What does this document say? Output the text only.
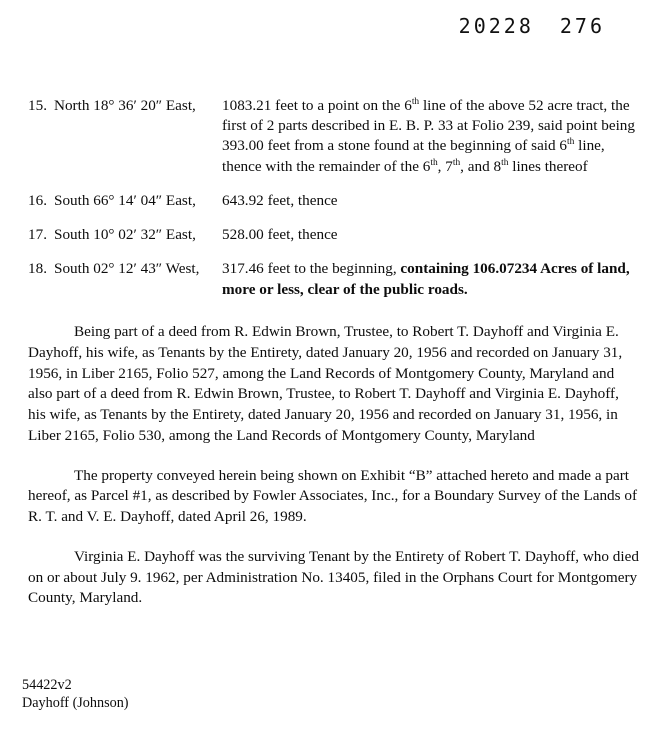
20228 276
15. North 18° 36′ 20″ East,	1083.21 feet to a point on the 6th line of the above 52 acre tract, the first of 2 parts described in E. B. P. 33 at Folio 239, said point being 393.00 feet from a stone found at the beginning of said 6th line, thence with the remainder of the 6th, 7th, and 8th lines thereof
16. South 66° 14′ 04″ East,	643.92 feet, thence
17. South 10° 02′ 32″ East,	528.00 feet, thence
18. South 02° 12′ 43″ West,	317.46 feet to the beginning, containing 106.07234 Acres of land, more or less, clear of the public roads.
Being part of a deed from R. Edwin Brown, Trustee, to Robert T. Dayhoff and Virginia E. Dayhoff, his wife, as Tenants by the Entirety, dated January 20, 1956 and recorded on January 31, 1956, in Liber 2165, Folio 527, among the Land Records of Montgomery County, Maryland and also part of a deed from R. Edwin Brown, Trustee, to Robert T. Dayhoff and Virginia E. Dayhoff, his wife, as Tenants by the Entirety, dated January 20, 1956 and recorded on January 31, 1956, in Liber 2165, Folio 530, among the Land Records of Montgomery County, Maryland
The property conveyed herein being shown on Exhibit “B” attached hereto and made a part hereof, as Parcel #1, as described by Fowler Associates, Inc., for a Boundary Survey of the Lands of R. T. and V. E. Dayhoff, dated April 26, 1989.
Virginia E. Dayhoff was the surviving Tenant by the Entirety of Robert T. Dayhoff, who died on or about July 9. 1962, per Administration No. 13405, filed in the Orphans Court for Montgomery County, Maryland.
54422v2
Dayhoff (Johnson)
